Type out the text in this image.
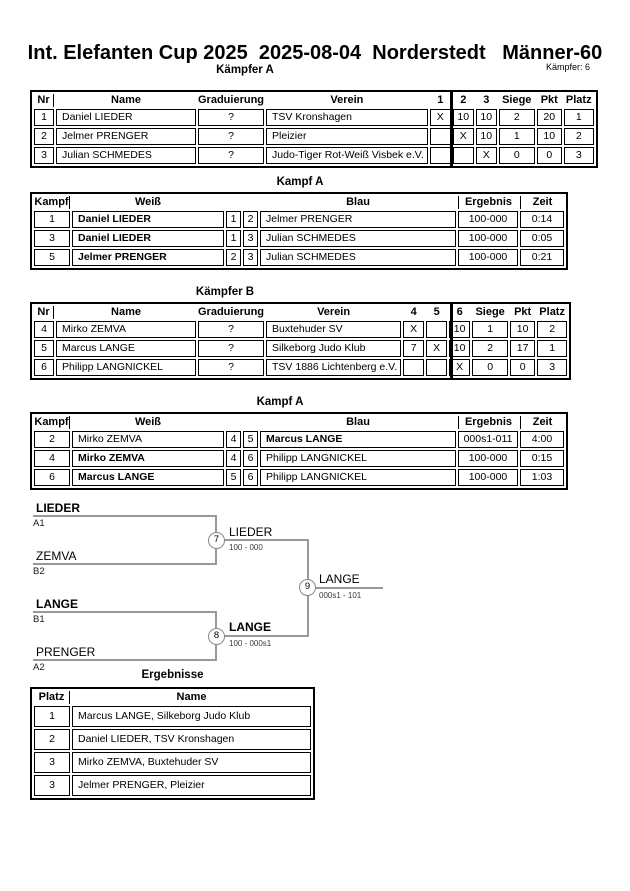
Int. Elefanten Cup 2025  2025-08-04  Norderstedt   Männer-60
Kämpfer: 6
Kämpfer A
Nr	Name	Graduierung	Verein	1	2	3	Siege	Pkt	Platz
1	Daniel LIEDER	?	TSV Kronshagen	X	10	10	2	20	1
2	Jelmer PRENGER	?	Pleizier		X	10	1	10	2
3	Julian SCHMEDES	?	Judo-Tiger Rot-Weiß Visbek e.V.			X	0	0	3
Kampf A
Kampf	Weiß			Blau	Ergebnis	Zeit
1	Daniel LIEDER	1	2	Jelmer PRENGER	100-000	0:14
3	Daniel LIEDER	1	3	Julian SCHMEDES	100-000	0:05
5	Jelmer PRENGER	2	3	Julian SCHMEDES	100-000	0:21
Kämpfer B
Nr	Name	Graduierung	Verein	4	5	6	Siege	Pkt	Platz
4	Mirko ZEMVA	?	Buxtehuder SV	X		10	1	10	2
5	Marcus LANGE	?	Silkeborg Judo Klub	7	X	10	2	17	1
6	Philipp LANGNICKEL	?	TSV 1886 Lichtenberg e.V.			X	0	0	3
Kampf A
Kampf	Weiß			Blau	Ergebnis	Zeit
2	Mirko ZEMVA	4	5	Marcus LANGE	000s1-011	4:00
4	Mirko ZEMVA	4	6	Philipp LANGNICKEL	100-000	0:15
6	Marcus LANGE	5	6	Philipp LANGNICKEL	100-000	1:03
LIEDER
A1
ZEMVA
B2
7
LIEDER
100 - 000
LANGE
B1
PRENGER
A2
8
LANGE
100 - 000s1
9
LANGE
000s1 - 101
Ergebnisse
Platz	Name
1	Marcus LANGE, Silkeborg Judo Klub
2	Daniel LIEDER, TSV Kronshagen
3	Mirko ZEMVA, Buxtehuder SV
3	Jelmer PRENGER, Pleizier
